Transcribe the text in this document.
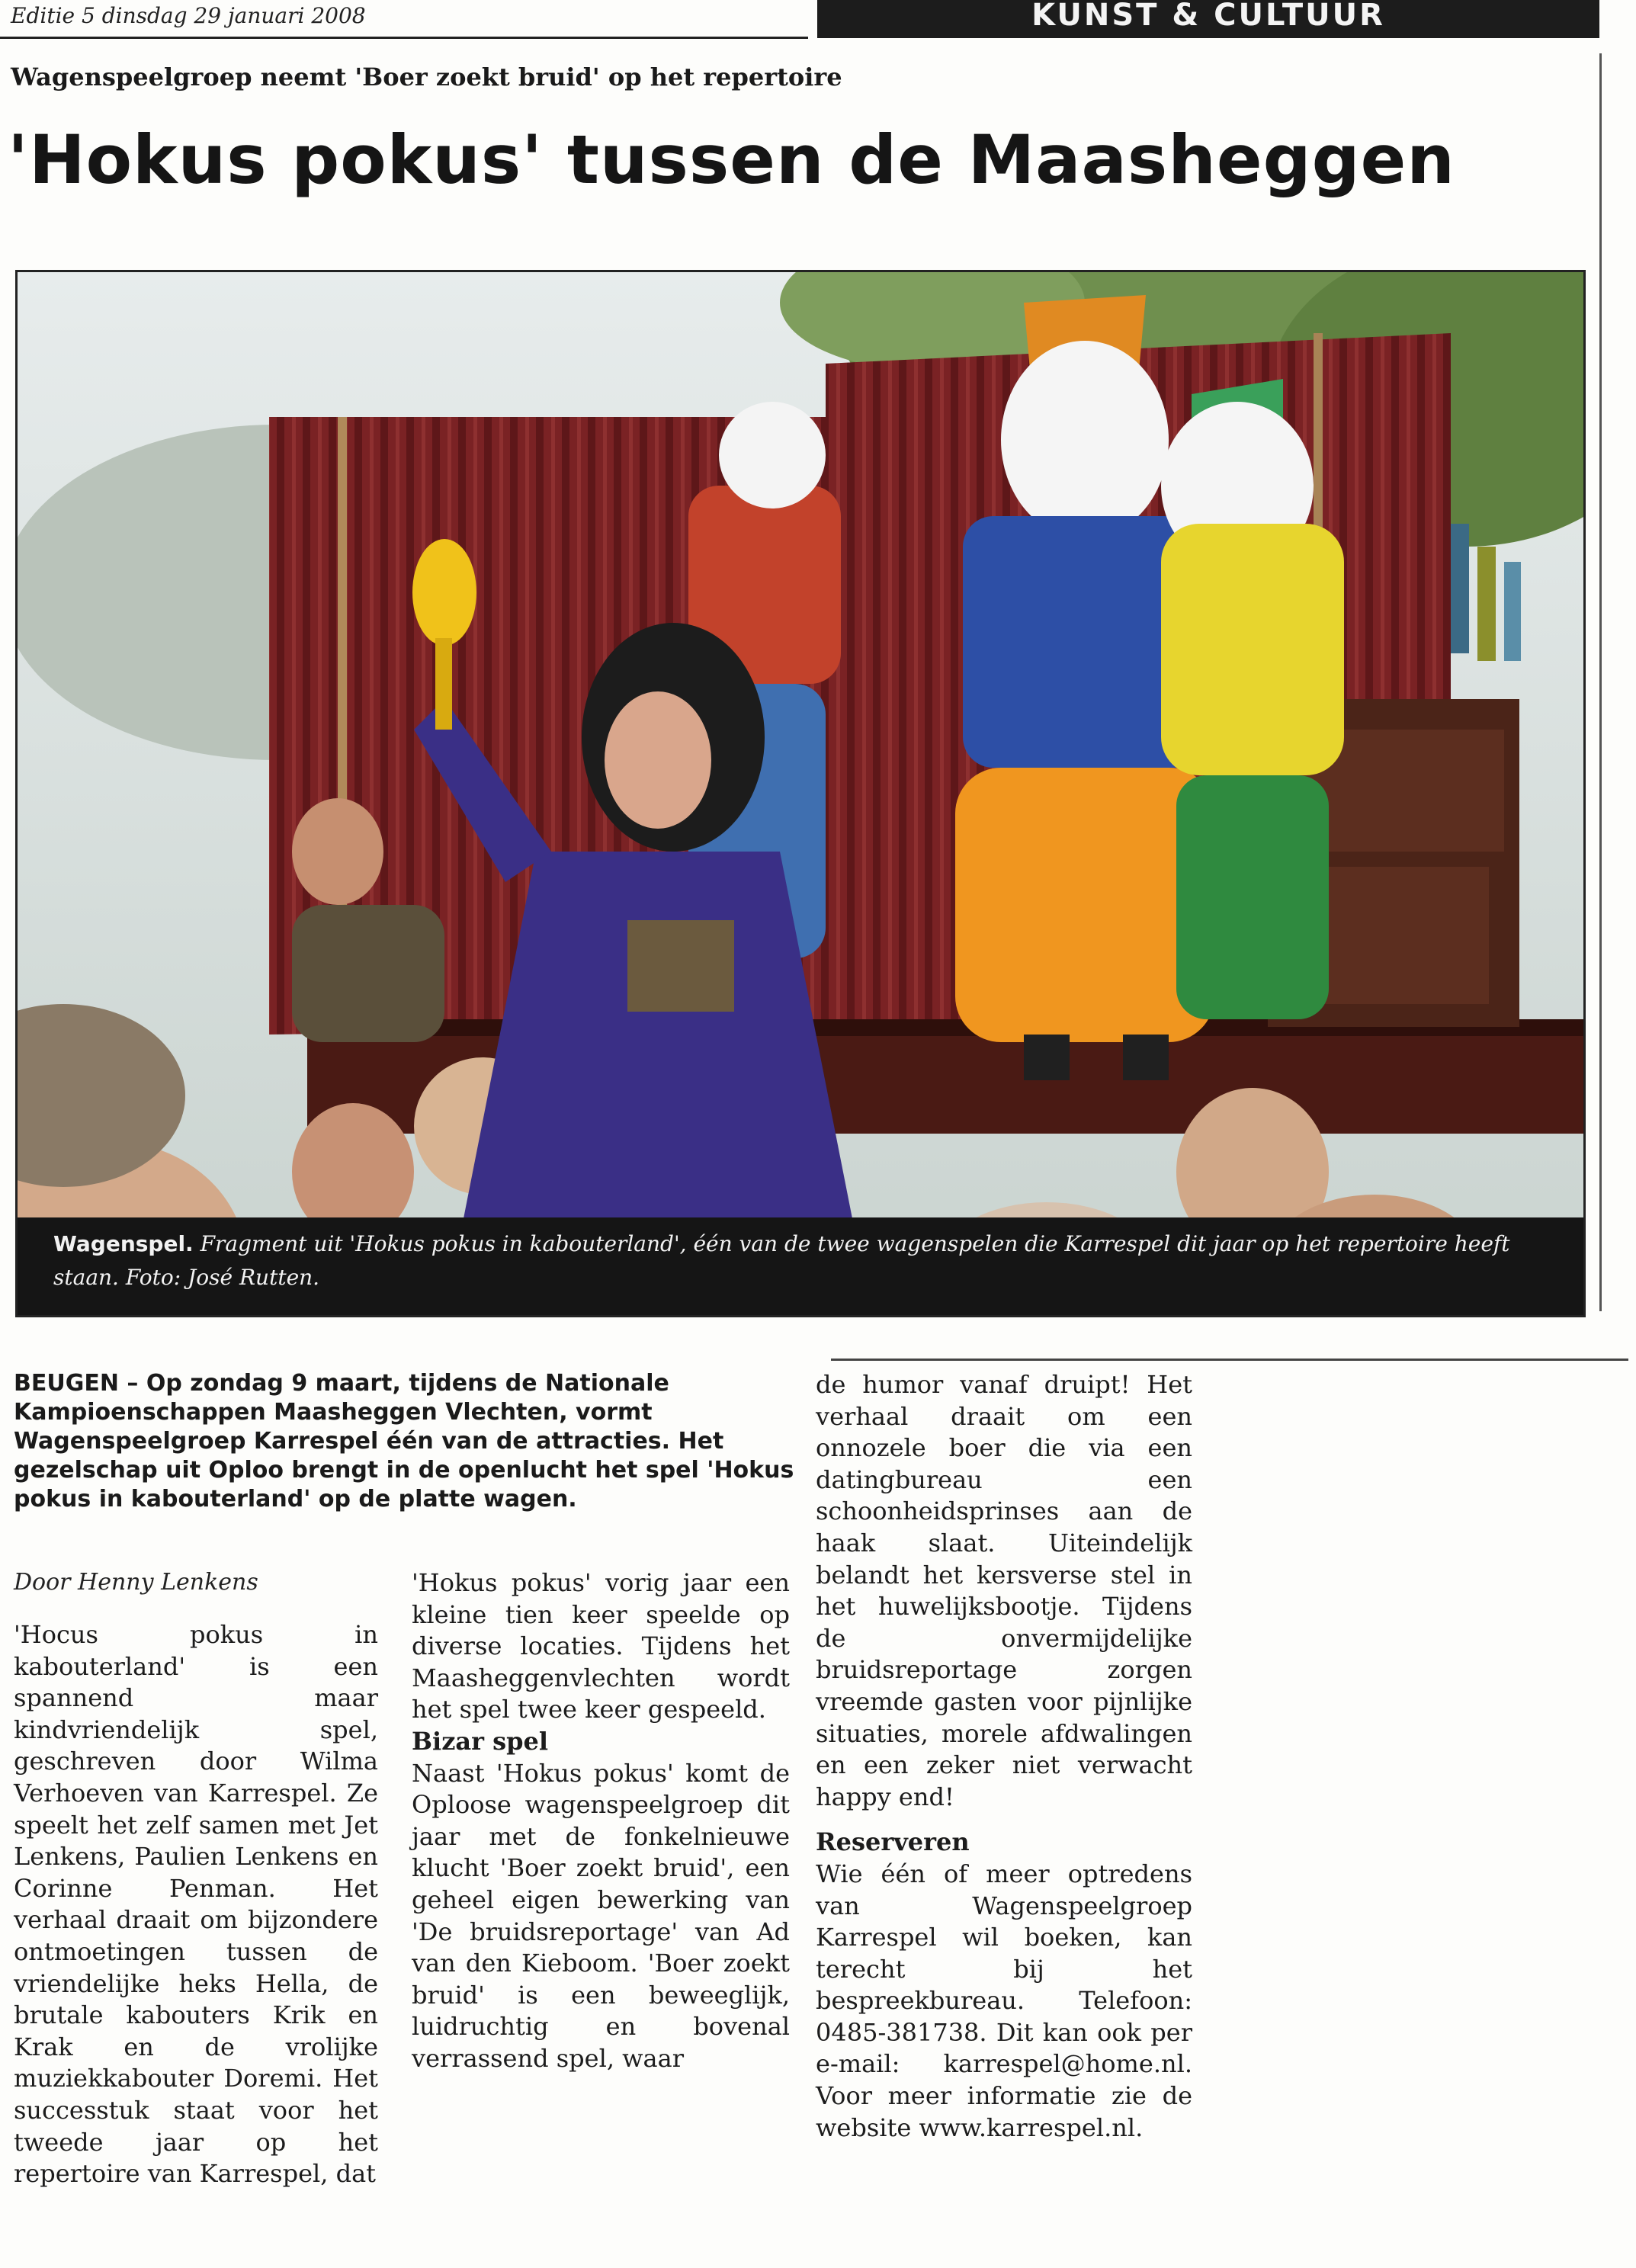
Editie 5 dinsdag 29 januari 2008	KUNST & CULTUUR
Wagenspeelgroep neemt 'Boer zoekt bruid' op het repertoire
'Hokus pokus' tussen de Maasheggen
Wagenspel. Fragment uit 'Hokus pokus in kabouterland', één van de twee wagenspelen die Karrespel dit jaar op het repertoire heeft staan. Foto: José Rutten.
BEUGEN – Op zondag 9 maart, tijdens de Nationale Kampioenschappen Maasheggen Vlechten, vormt Wagenspeelgroep Karrespel één van de attracties. Het gezelschap uit Oploo brengt in de openlucht het spel 'Hokus pokus in kabouterland' op de platte wagen.
Door Henny Lenkens

'Hocus pokus in kabouterland' is een spannend maar kindvriendelijk spel, geschreven door Wilma Verhoeven van Karrespel. Ze speelt het zelf samen met Jet Lenkens, Paulien Lenkens en Corinne Penman. Het verhaal draait om bijzondere ontmoetingen tussen de vriendelijke heks Hella, de brutale kabouters Krik en Krak en de vrolijke muziekkabouter Doremi. Het successtuk staat voor het tweede jaar op het repertoire van Karrespel, dat

'Hokus pokus' vorig jaar een kleine tien keer speelde op diverse locaties. Tijdens het Maasheggenvlechten wordt het spel twee keer gespeeld.

Bizar spel

Naast 'Hokus pokus' komt de Oploose wagenspeelgroep dit jaar met de fonkelnieuwe klucht 'Boer zoekt bruid', een geheel eigen bewerking van 'De bruidsreportage' van Ad van den Kieboom. 'Boer zoekt bruid' is een beweeglijk, luidruchtig en bovenal verrassend spel, waar

de humor vanaf druipt! Het verhaal draait om een onnozele boer die via een datingbureau een schoonheidsprinses aan de haak slaat. Uiteindelijk belandt het kersverse stel in het huwelijksbootje. Tijdens de onvermijdelijke bruidsreportage zorgen vreemde gasten voor pijnlijke situaties, morele afdwalingen en een zeker niet verwacht happy end!

Reserveren

Wie één of meer optredens van Wagenspeelgroep Karrespel wil boeken, kan terecht bij het bespreekbureau. Telefoon: 0485-381738. Dit kan ook per e-mail: karrespel@home.nl. Voor meer informatie zie de website www.karrespel.nl.
